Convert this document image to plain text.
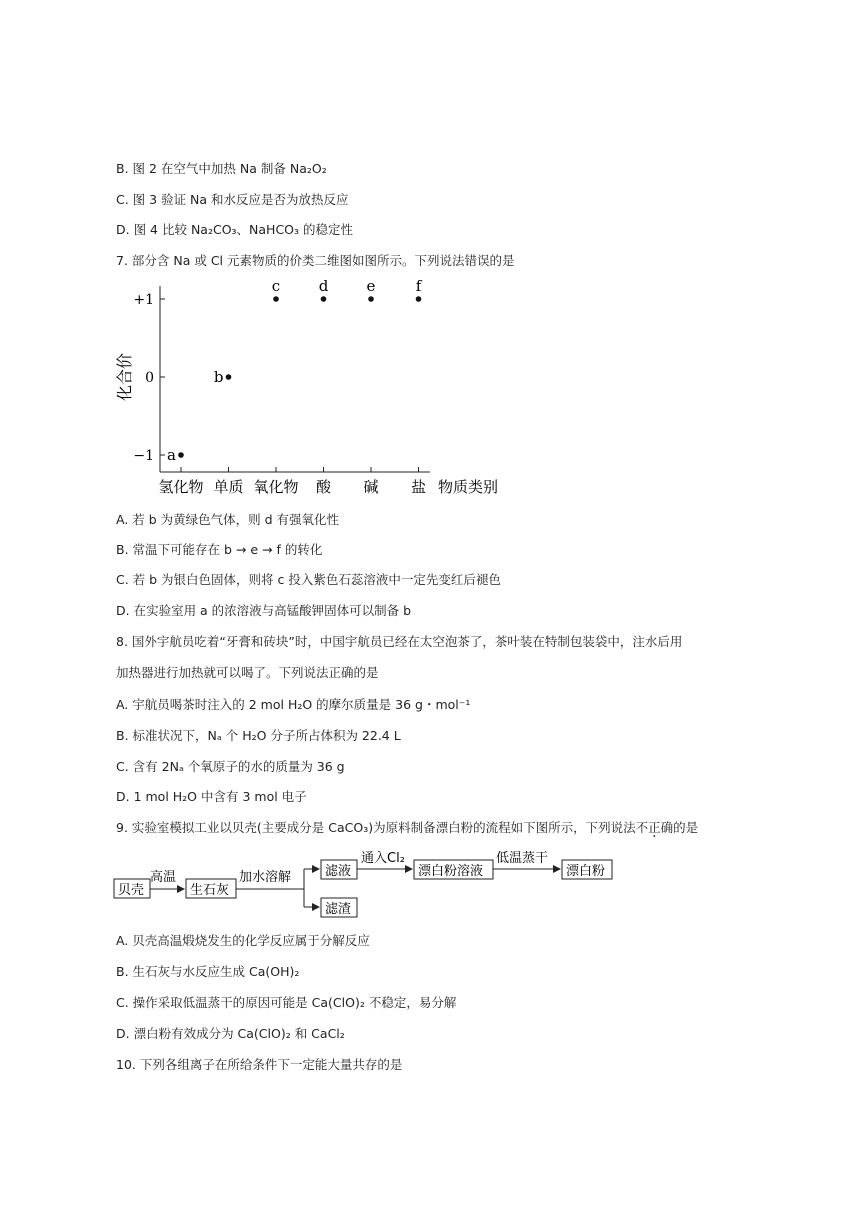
B. 图 2 在空气中加热 Na 制备 Na₂O₂
C. 图 3 验证 Na 和水反应是否为放热反应
D. 图 4 比较 Na₂CO₃、NaHCO₃ 的稳定性
7. 部分含 Na 或 Cl 元素物质的价类二维图如图所示。下列说法错误的是
+1
0
−1
氢化物 单质 氧化物 酸 碱 盐
a
b
c	d	e	f
化合价
物质类别
A. 若 b 为黄绿色气体，则 d 有强氧化性
B. 常温下可能存在 b → e → f 的转化
C. 若 b 为银白色固体，则将 c 投入紫色石蕊溶液中一定先变红后褪色
D. 在实验室用 a 的浓溶液与高锰酸钾固体可以制备 b
8. 国外宇航员吃着“牙膏和砖块”时，中国宇航员已经在太空泡茶了，茶叶装在特制包装袋中，注水后用
加热器进行加热就可以喝了。下列说法正确的是
A. 宇航员喝茶时注入的 2 mol H₂O 的摩尔质量是 36 g・mol⁻¹
B. 标准状况下，Nₐ 个 H₂O 分子所占体积为 22.4 L
C. 含有 2Nₐ 个氧原子的水的质量为 36 g
D. 1 mol H₂O 中含有 3 mol 电子
9. 实验室模拟工业以贝壳(主要成分是 CaCO₃)为原料制备漂白粉的流程如下图所示，下列说法不正确的是
贝壳
高温
生石灰
加水溶解	滤液
滤渣
通入Cl₂
漂白粉溶液
低温蒸干
漂白粉
A. 贝壳高温煅烧发生的化学反应属于分解反应
B. 生石灰与水反应生成 Ca(OH)₂
C. 操作采取低温蒸干的原因可能是 Ca(ClO)₂ 不稳定，易分解
D. 漂白粉有效成分为 Ca(ClO)₂ 和 CaCl₂
10. 下列各组离子在所给条件下一定能大量共存的是
